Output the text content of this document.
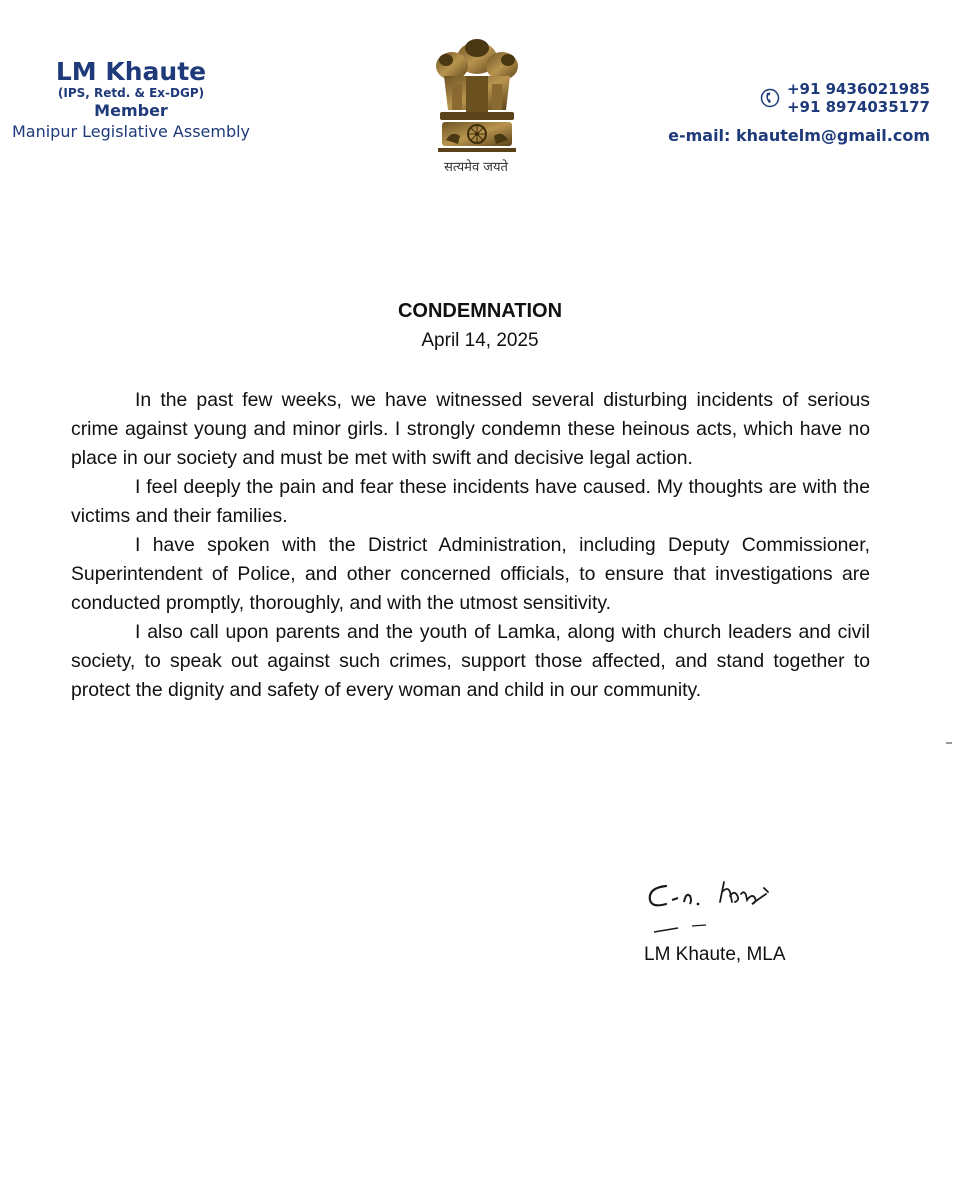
LM Khaute
(IPS, Retd. & Ex-DGP)
Member
Manipur Legislative Assembly
सत्यमेव जयते
+91 9436021985
+91 8974035177
e-mail: khautelm@gmail.com
CONDEMNATION
April 14, 2025

In the past few weeks, we have witnessed several disturbing incidents of serious crime against young and minor girls. I strongly condemn these heinous acts, which have no place in our society and must be met with swift and decisive legal action.

I feel deeply the pain and fear these incidents have caused. My thoughts are with the victims and their families.

I have spoken with the District Administration, including Deputy Commissioner, Superintendent of Police, and other concerned officials, to ensure that investigations are conducted promptly, thoroughly, and with the utmost sensitivity.

I also call upon parents and the youth of Lamka, along with church leaders and civil society, to speak out against such crimes, support those affected, and stand together to protect the dignity and safety of every woman and child in our community.

LM Khaute, MLA
